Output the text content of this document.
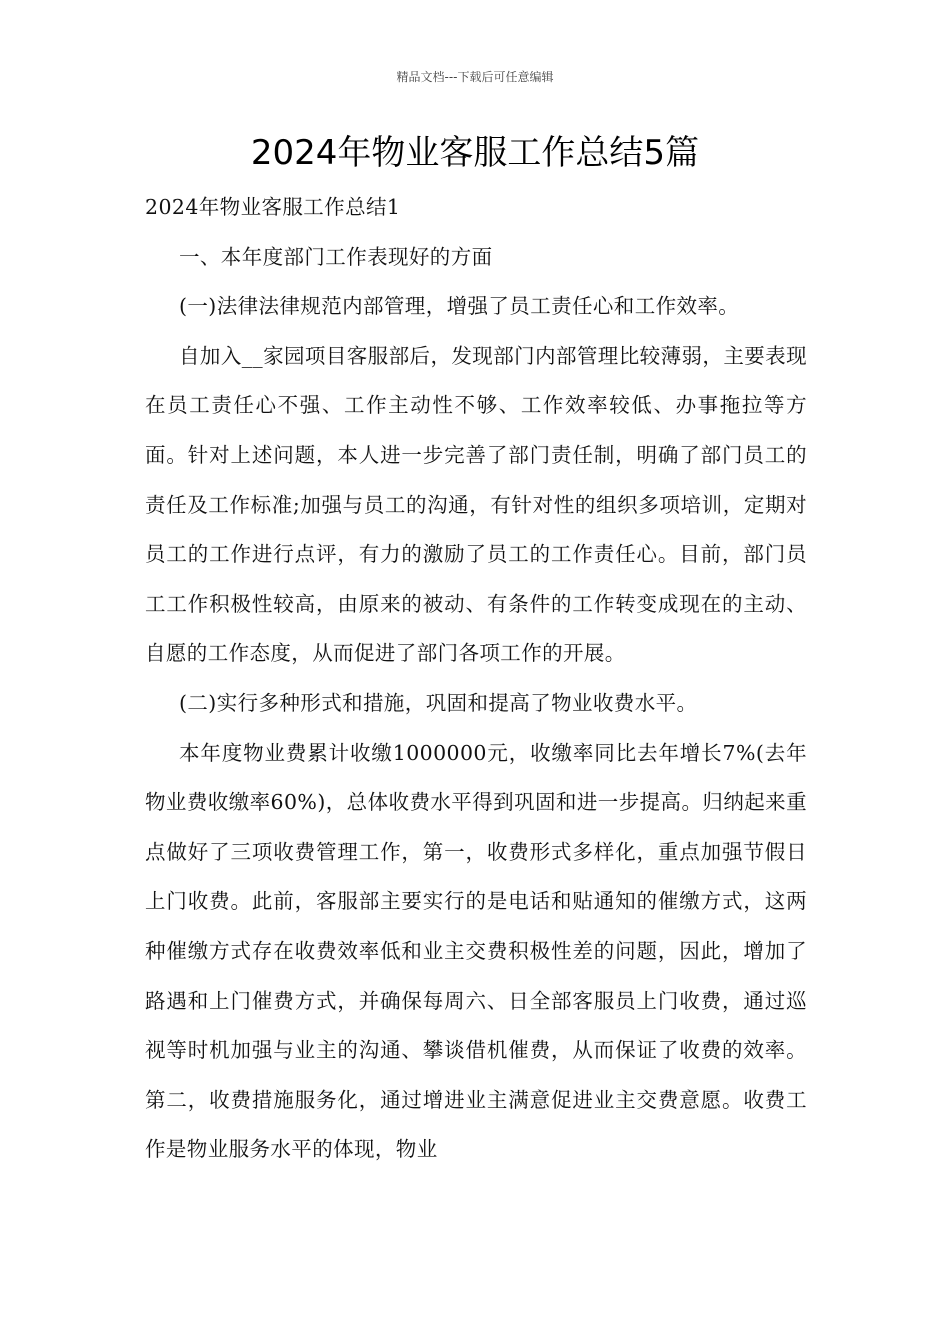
精品文档---下载后可任意编辑
2024年物业客服工作总结5篇

2024年物业客服工作总结1

一、本年度部门工作表现好的方面

(一)法律法律规范内部管理，增强了员工责任心和工作效率。

自加入__家园项目客服部后，发现部门内部管理比较薄弱，主要表现在员工责任心不强、工作主动性不够、工作效率较低、办事拖拉等方面。针对上述问题，本人进一步完善了部门责任制，明确了部门员工的责任及工作标准;加强与员工的沟通，有针对性的组织多项培训，定期对员工的工作进行点评，有力的激励了员工的工作责任心。目前，部门员工工作积极性较高，由原来的被动、有条件的工作转变成现在的主动、自愿的工作态度，从而促进了部门各项工作的开展。

(二)实行多种形式和措施，巩固和提高了物业收费水平。

本年度物业费累计收缴1000000元，收缴率同比去年增长7%(去年物业费收缴率60%)，总体收费水平得到巩固和进一步提高。归纳起来重点做好了三项收费管理工作，第一，收费形式多样化，重点加强节假日上门收费。此前，客服部主要实行的是电话和贴通知的催缴方式，这两种催缴方式存在收费效率低和业主交费积极性差的问题，因此，增加了路遇和上门催费方式，并确保每周六、日全部客服员上门收费，通过巡视等时机加强与业主的沟通、攀谈借机催费，从而保证了收费的效率。第二，收费措施服务化，通过增进业主满意促进业主交费意愿。收费工作是物业服务水平的体现，物业
